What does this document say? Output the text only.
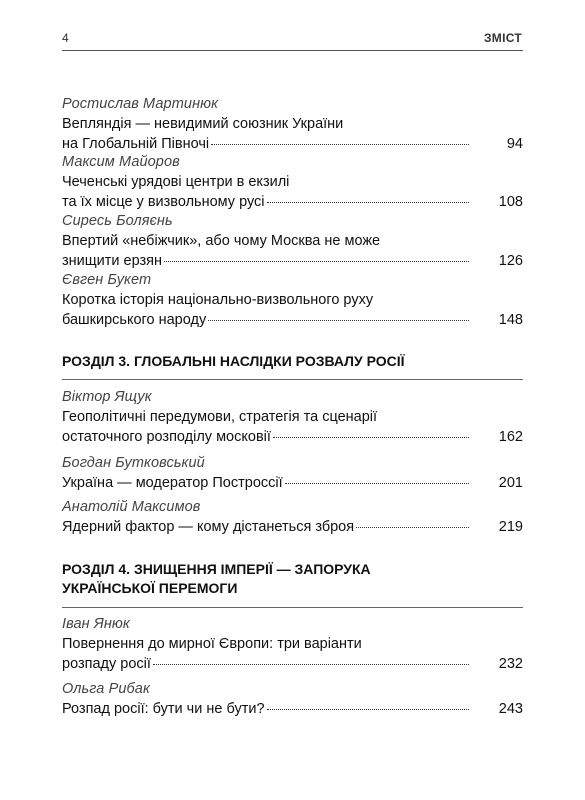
4	ЗМІСТ
Ростислав Мартинюк
Вепляндія — невидимий союзник України
на Глобальній Півночі	94
Максим Майоров
Чеченські урядові центри в екзилі
та їх місце у визвольному русі	108
Сиресь Боляєнь
Впертий «небіжчик», або чому Москва не може
знищити ерзян	126
Євген Букет
Коротка історія національно-визвольного руху
башкирського народу	148
РОЗДІЛ 3. ГЛОБАЛЬНІ НАСЛІДКИ РОЗВАЛУ РОСІЇ
Віктор Ящук
Геополітичні передумови, стратегія та сценарії
остаточного розподілу московії	162
Богдан Бутковський
Україна — модератор Построссії	201
Анатолій Максимов
Ядерний фактор — кому дістанеться зброя	219
РОЗДІЛ 4. ЗНИЩЕННЯ ІМПЕРІЇ — ЗАПОРУКА
УКРАЇНСЬКОЇ ПЕРЕМОГИ
Іван Янюк
Повернення до мирної Європи: три варіанти
розпаду росії	232
Ольга Рибак
Розпад росії: бути чи не бути?	243
